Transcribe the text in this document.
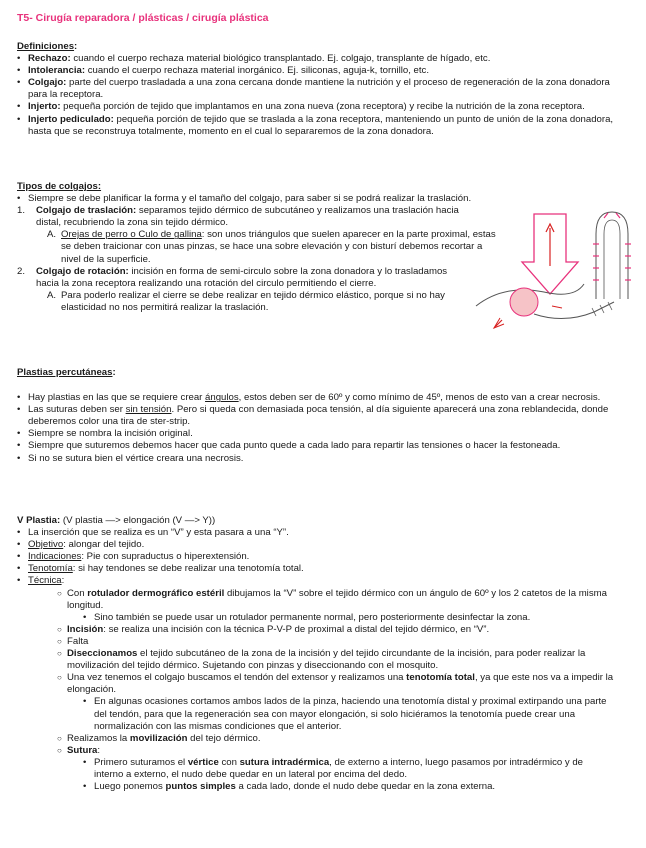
T5- Cirugía reparadora / plásticas / cirugía plástica
Definiciones:
• Rechazo: cuando el cuerpo rechaza material biológico transplantado. Ej. colgajo, transplante de hígado, etc.
• Intolerancia: cuando el cuerpo rechaza material inorgánico. Ej. siliconas, aguja-k, tornillo, etc.
• Colgajo: parte del cuerpo trasladada a una zona cercana donde mantiene la nutrición y el proceso de regeneración de la zona donadora para la receptora.
• Injerto: pequeña porción de tejido que implantamos en una zona nueva (zona receptora) y recibe la nutrición de la zona receptora.
• Injerto pediculado: pequeña porción de tejido que se traslada a la zona receptora, manteniendo un punto de unión de la zona donadora, hasta que se reconstruya totalmente, momento en el cual lo separaremos de la zona donadora.
Tipos de colgajos:
• Siempre se debe planificar la forma y el tamaño del colgajo, para saber si se podrá realizar la traslación.
1. Colgajo de traslación: separamos tejido dérmico de subcutáneo y realizamos una traslación hacia distal, recubriendo la zona sin tejido dérmico.
A. Orejas de perro o Culo de gallina: son unos triángulos que suelen aparecer en la parte proximal, estas se deben traicionar con unas pinzas, se hace una sobre elevación y con bisturí debemos recortar a nivel de la superficie.
2. Colgajo de rotación: incisión en forma de semi-circulo sobre la zona donadora y lo trasladamos hacia la zona receptora realizando una rotación del circulo permitiendo el cierre.
A. Para poderlo realizar el cierre se debe realizar en tejido dérmico elástico, porque si no hay elasticidad no nos permitirá realizar la traslación.
Plastias percutáneas:
• Hay plastias en las que se requiere crear ángulos, estos deben ser de 60º y como mínimo de 45º, menos de esto van a crear necrosis.
• Las suturas deben ser sin tensión. Pero si queda con demasiada poca tensión, al día siguiente aparecerá una zona reblandecida, donde deberemos color una tira de ster-strip.
• Siempre se nombra la incisión original.
• Siempre que suturemos debemos hacer que cada punto quede a cada lado para repartir las tensiones o hacer la festoneada.
• Si no se sutura bien el vértice creara una necrosis.
V Plastia: (V plastia —> elongación (V —> Y))
• La inserción que se realiza es un “V” y esta pasara a una “Y”.
• Objetivo: alongar del tejido.
• Indicaciones: Pie con supraductus o hiperextensión.
• Tenotomía: si hay tendones se debe realizar una tenotomía total.
• Técnica:
○ Con rotulador dermográfico estéril dibujamos la “V” sobre el tejido dérmico con un ángulo de 60º y los 2 catetos de la misma longitud.
• Sino también se puede usar un rotulador permanente normal, pero posteriormente desinfectar la zona.
○ Incisión: se realiza una incisión con la técnica P-V-P de proximal a distal del tejido dérmico, en “V”.
○ Falta
○ Diseccionamos el tejido subcutáneo de la zona de la incisión y del tejido circundante de la incisión, para poder realizar la movilización del tejido dérmico. Sujetando con pinzas y diseccionando con el mosquito.
○ Una vez tenemos el colgajo buscamos el tendón del extensor y realizamos una tenotomía total, ya que este nos va a impedir la elongación.
• En algunas ocasiones cortamos ambos lados de la pinza, haciendo una tenotomía distal y proximal extirpando una parte del tendón, para que la regeneración sea con mayor elongación, si solo hiciéramos la tenotomía puede crear una normalización con las mismas condiciones que el anterior.
○ Realizamos la movilización del tejo dérmico.
○ Sutura:
• Primero suturamos el vértice con sutura intradérmica, de externo a interno, luego pasamos por intradérmico y de interno a externo, el nudo debe quedar en un lateral por encima del dedo.
• Luego ponemos puntos simples a cada lado, donde el nudo debe quedar en la zona externa.
